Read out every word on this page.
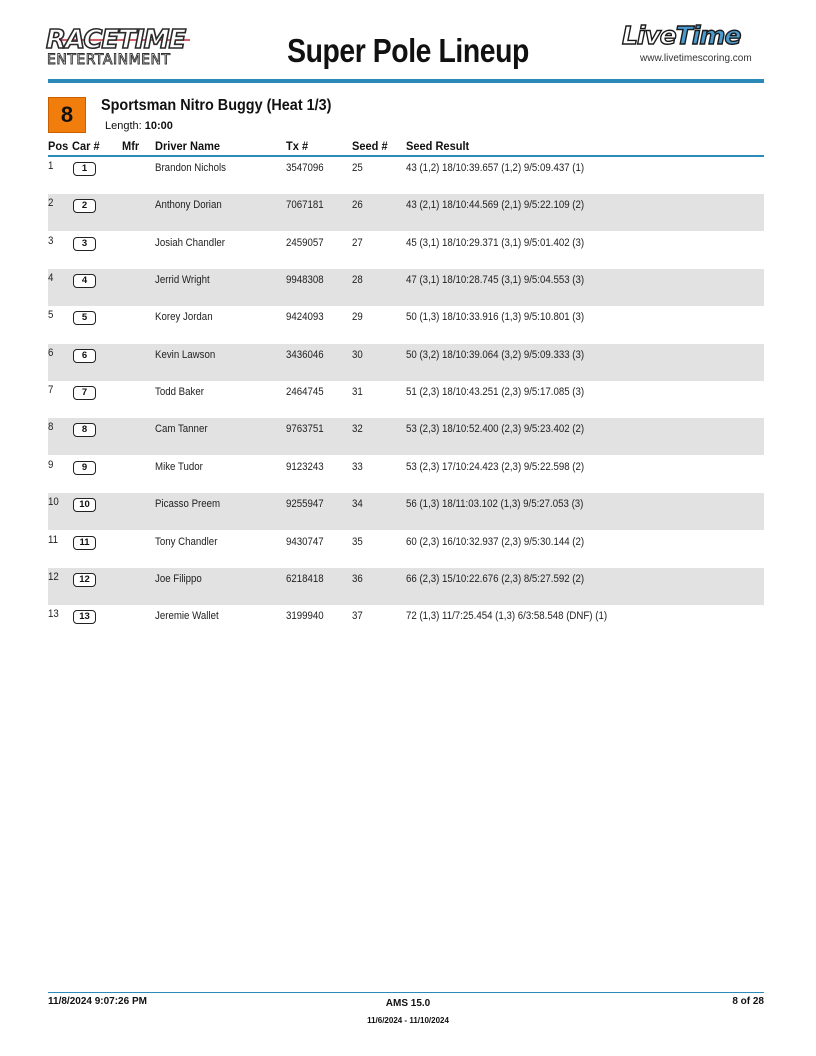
RACETIME
ENTERTAINMENT	Super Pole Lineup	LiveTime
www.livetimescoring.com
8	Sportsman Nitro Buggy (Heat 1/3)
Length: 10:00
Pos Car # Mfr Driver Name	Tx #	Seed # Seed Result
1	1	Brandon Nichols	3547096	25	43 (1,2) 18/10:39.657 (1,2) 9/5:09.437 (1)
2	2	Anthony Dorian	7067181	26	43 (2,1) 18/10:44.569 (2,1) 9/5:22.109 (2)
3	3	Josiah Chandler	2459057	27	45 (3,1) 18/10:29.371 (3,1) 9/5:01.402 (3)
4	4	Jerrid Wright	9948308	28	47 (3,1) 18/10:28.745 (3,1) 9/5:04.553 (3)
5	5	Korey Jordan	9424093	29	50 (1,3) 18/10:33.916 (1,3) 9/5:10.801 (3)
6	6	Kevin Lawson	3436046	30	50 (3,2) 18/10:39.064 (3,2) 9/5:09.333 (3)
7	7	Todd Baker	2464745	31	51 (2,3) 18/10:43.251 (2,3) 9/5:17.085 (3)
8	8	Cam Tanner	9763751	32	53 (2,3) 18/10:52.400 (2,3) 9/5:23.402 (2)
9	9	Mike Tudor	9123243	33	53 (2,3) 17/10:24.423 (2,3) 9/5:22.598 (2)
10	10	Picasso Preem	9255947	34	56 (1,3) 18/11:03.102 (1,3) 9/5:27.053 (3)
11	11	Tony Chandler	9430747	35	60 (2,3) 16/10:32.937 (2,3) 9/5:30.144 (2)
12	12	Joe Filippo	6218418	36	66 (2,3) 15/10:22.676 (2,3) 8/5:27.592 (2)
13	13	Jeremie Wallet	3199940	37	72 (1,3) 11/7:25.454 (1,3) 6/3:58.548 (DNF) (1)
11/8/2024 9:07:26 PM	AMS 15.0
11/6/2024 - 11/10/2024
8 of 28
